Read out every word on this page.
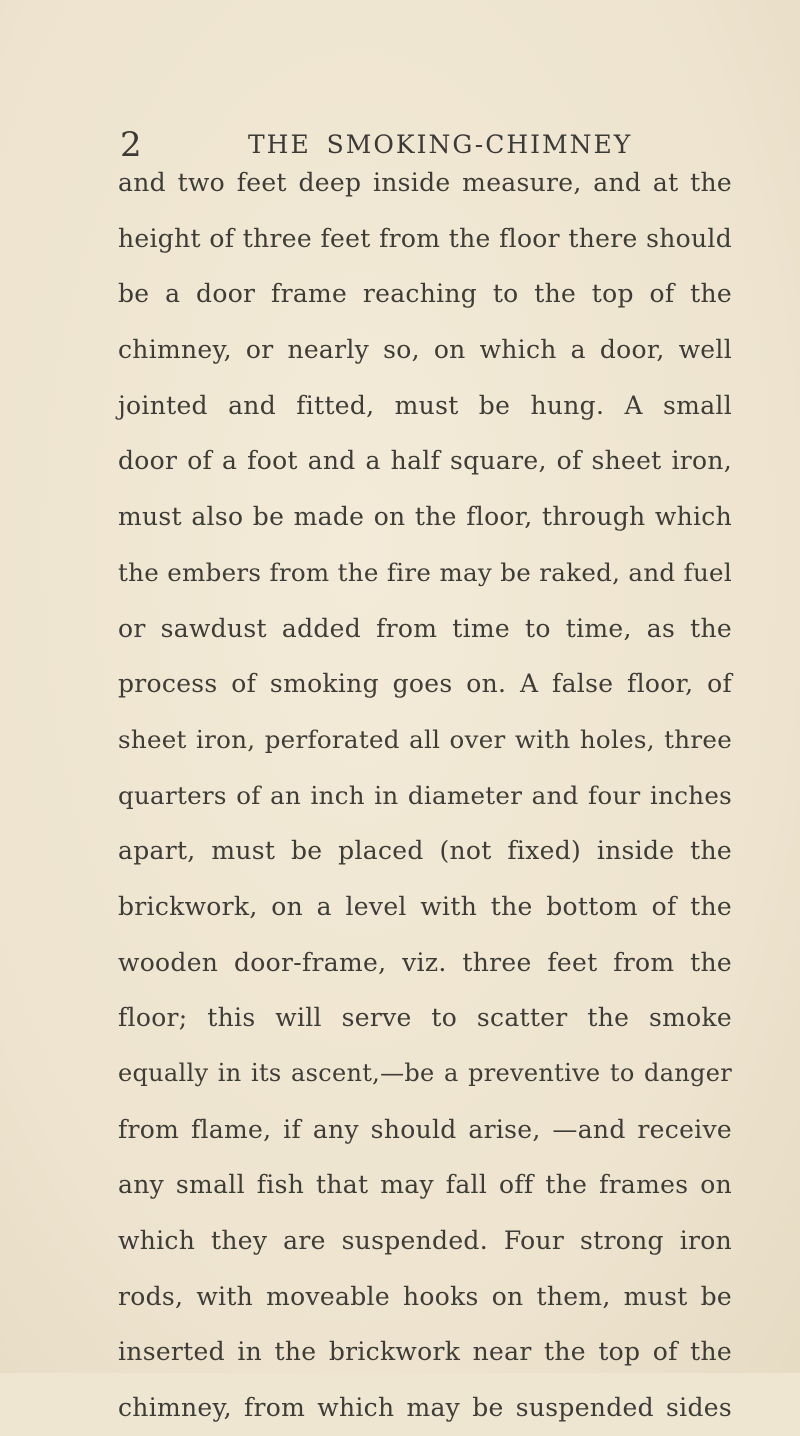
2	THE SMOKING-CHIMNEY
and two feet deep inside measure, and at the
height of three feet from the floor there should
be a door frame reaching to the top of the
chimney, or nearly so, on which a door, well
jointed and fitted, must be hung. A small
door of a foot and a half square, of sheet iron,
must also be made on the floor, through which
the embers from the fire may be raked, and fuel
or sawdust added from time to time, as the
process of smoking goes on. A false floor, of
sheet iron, perforated all over with holes, three
quarters of an inch in diameter and four inches
apart, must be placed (not fixed) inside the
brickwork, on a level with the bottom of the
wooden door-frame, viz. three feet from the
floor; this will serve to scatter the smoke
equally in its ascent,—be a preventive to danger
from flame, if any should arise, —and receive
any small fish that may fall off the frames on
which they are suspended. Four strong iron
rods, with moveable hooks on them, must be
inserted in the brickwork near the top of the
chimney, from which may be suspended sides
